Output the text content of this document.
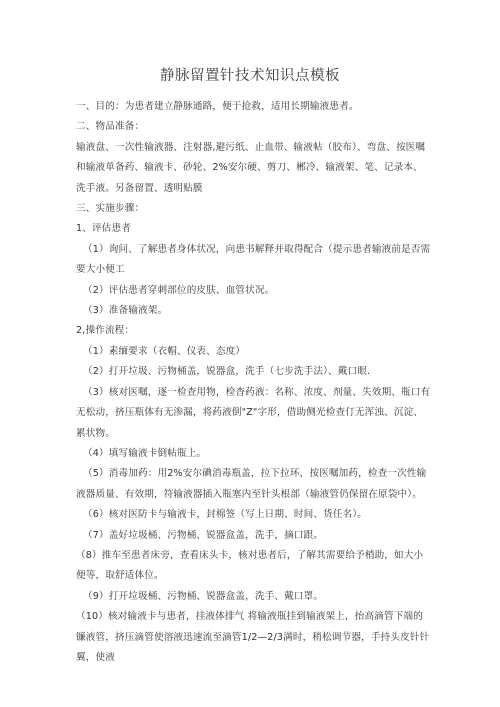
静脉留置针技术知识点模板

一、目的：为患者建立静脉通路，便于抢救，适用长期输液患者。

二、物品准备：

输液盘、一次性输液器、注射器,避污纸、止血带、输液帖（胶布）、弯盘、按医嘱和输液单备药、输液卡、砂轮、2%安尔硬、剪刀、郴冷、输液架、笔、记录本、洗手液。另备留置、透明贴膜

三、实施步骤：

1、评估患者

（1）询问、了解患者身体状况，向患书解释并取得配合（提示患者输液前是否需要大小便工

（2）评估患者穿刺部位的皮肤、血管状况。

（3）准备输液架。

2,操作流程：

（1）素缅要求（衣帽、仪表、态度）

（2）打开垃圾、污物桶盖，锐器盒，洗手（七步洗手法）、戴口眼.

（3）核对医嘱，逐一检查用物，检杳药液：名称、浓度、剂量、失效期、瓶口有无松动，挤压瓶体有无渗漏，将药液倒"Z"字形，借助侧光检查仃无浑浊、沉淀、累状物。

（4）填写输液卡倒帖瓶上。

（5）消毒加药：用2%安尔碘消毒瓶盖，拉下拉环，按医嘱加药，检查一次性输液器质量、有效期，符输液器插入瓶塞内至针头根部（输液管仍保留在原袋中）。

（6）核对医防卡与输液卡，封棉签（写上日期、时间、货任名）。

（7）盖好垃圾桶、污物桶、锐器盒盖，洗手，摘口跟。

（8）推车至患者床旁，查看床头卡，核对患者后，了解其需要给予梢助，如大小便等，取舒适体位。

（9）打开垃圾桶、污物桶、锐器盒盖，洗手、戴口罩。

（10）核对输液卡与患者，挂液体排气 将输液瓶挂到输液架上，抬高滴管下端的镰液管，挤压滴管使溶液迅速流至滴管1/2—2/3满时，稍松调节器，手持头皮针针翼，使液
